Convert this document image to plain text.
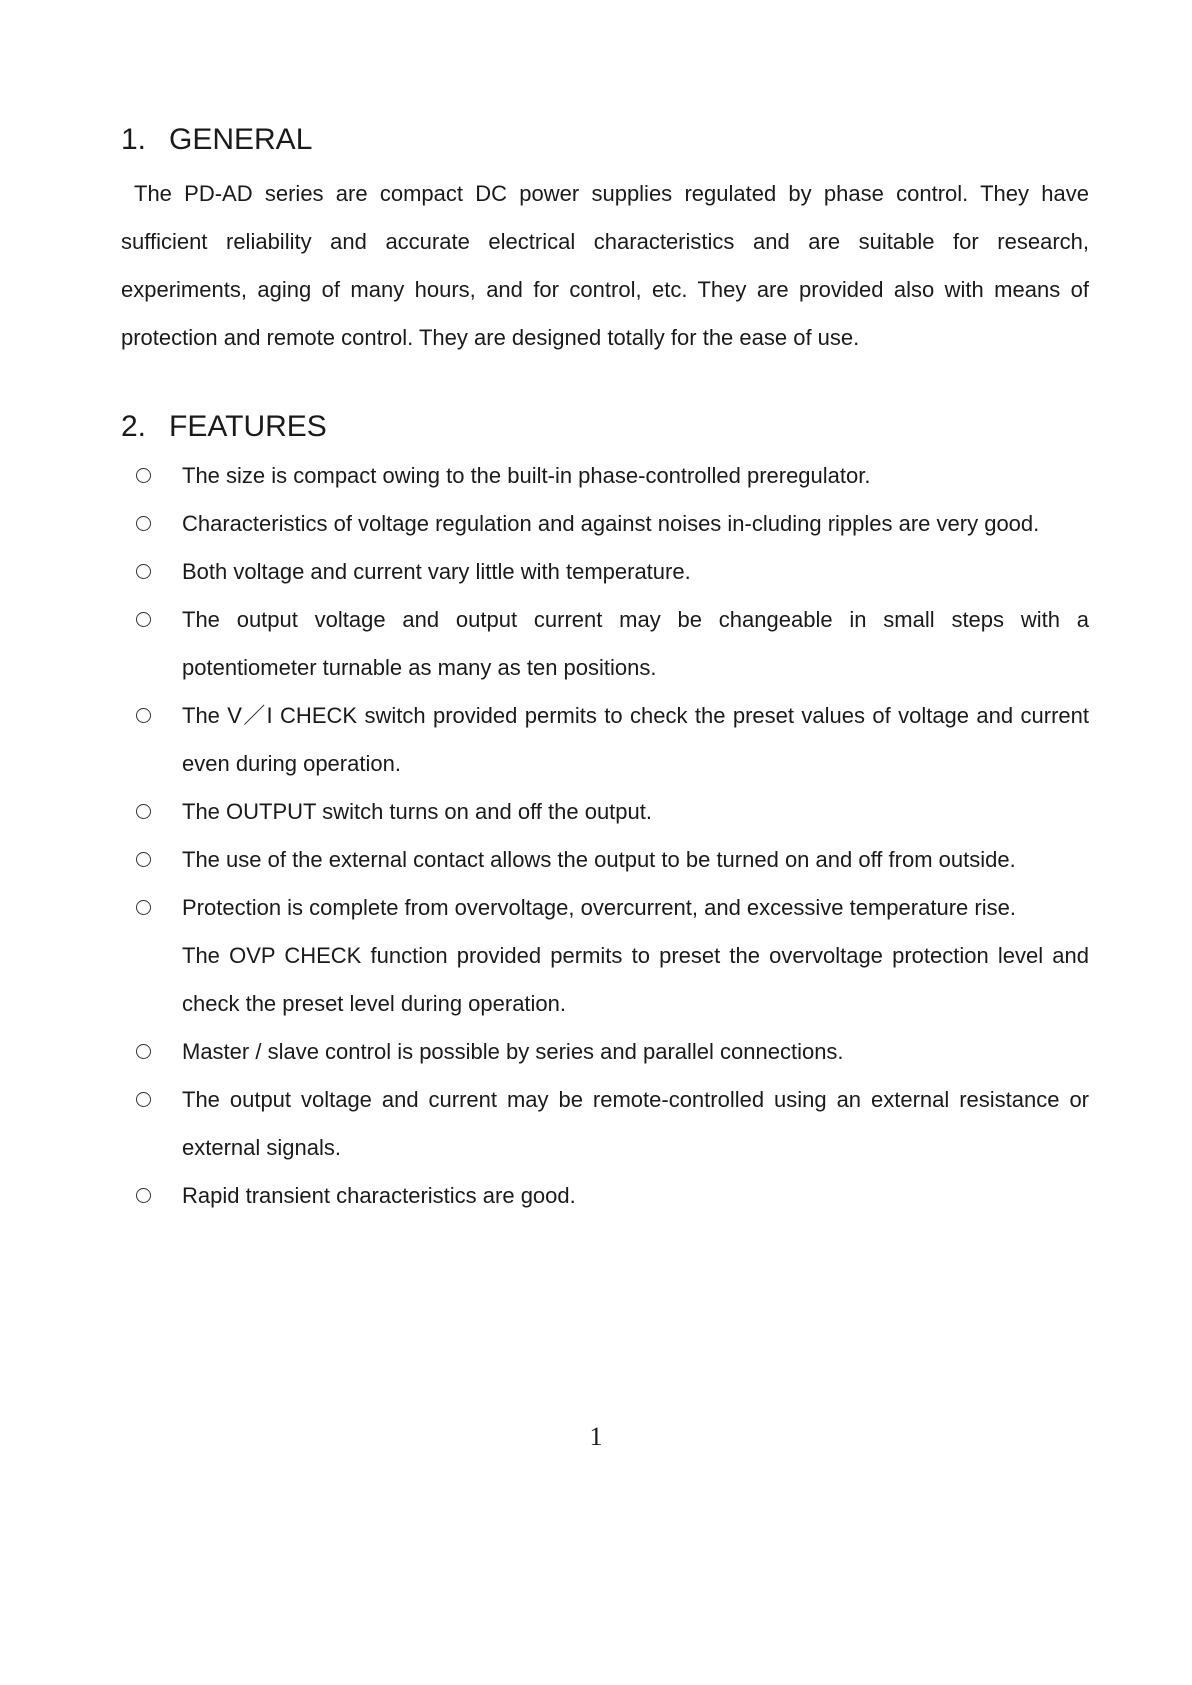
1. GENERAL

The PD-AD series are compact DC power supplies regulated by phase control. They have sufficient reliability and accurate electrical characteristics and are suitable for research, experiments, aging of many hours, and for control, etc. They are provided also with means of protection and remote control. They are designed totally for the ease of use.

2. FEATURES
The size is compact owing to the built-in phase-controlled preregulator.
Characteristics of voltage regulation and against noises in-cluding ripples are very good.
Both voltage and current vary little with temperature.
The output voltage and output current may be changeable in small steps with a potentiometer turnable as many as ten positions.
The V／I CHECK switch provided permits to check the preset values of voltage and current even during operation.
The OUTPUT switch turns on and off the output.
The use of the external contact allows the output to be turned on and off from outside.
Protection is complete from overvoltage, overcurrent, and excessive temperature rise.
The OVP CHECK function provided permits to preset the overvoltage protection level and check the preset level during operation.
Master / slave control is possible by series and parallel connections.
The output voltage and current may be remote-controlled using an external resistance or external signals.
Rapid transient characteristics are good.
1
